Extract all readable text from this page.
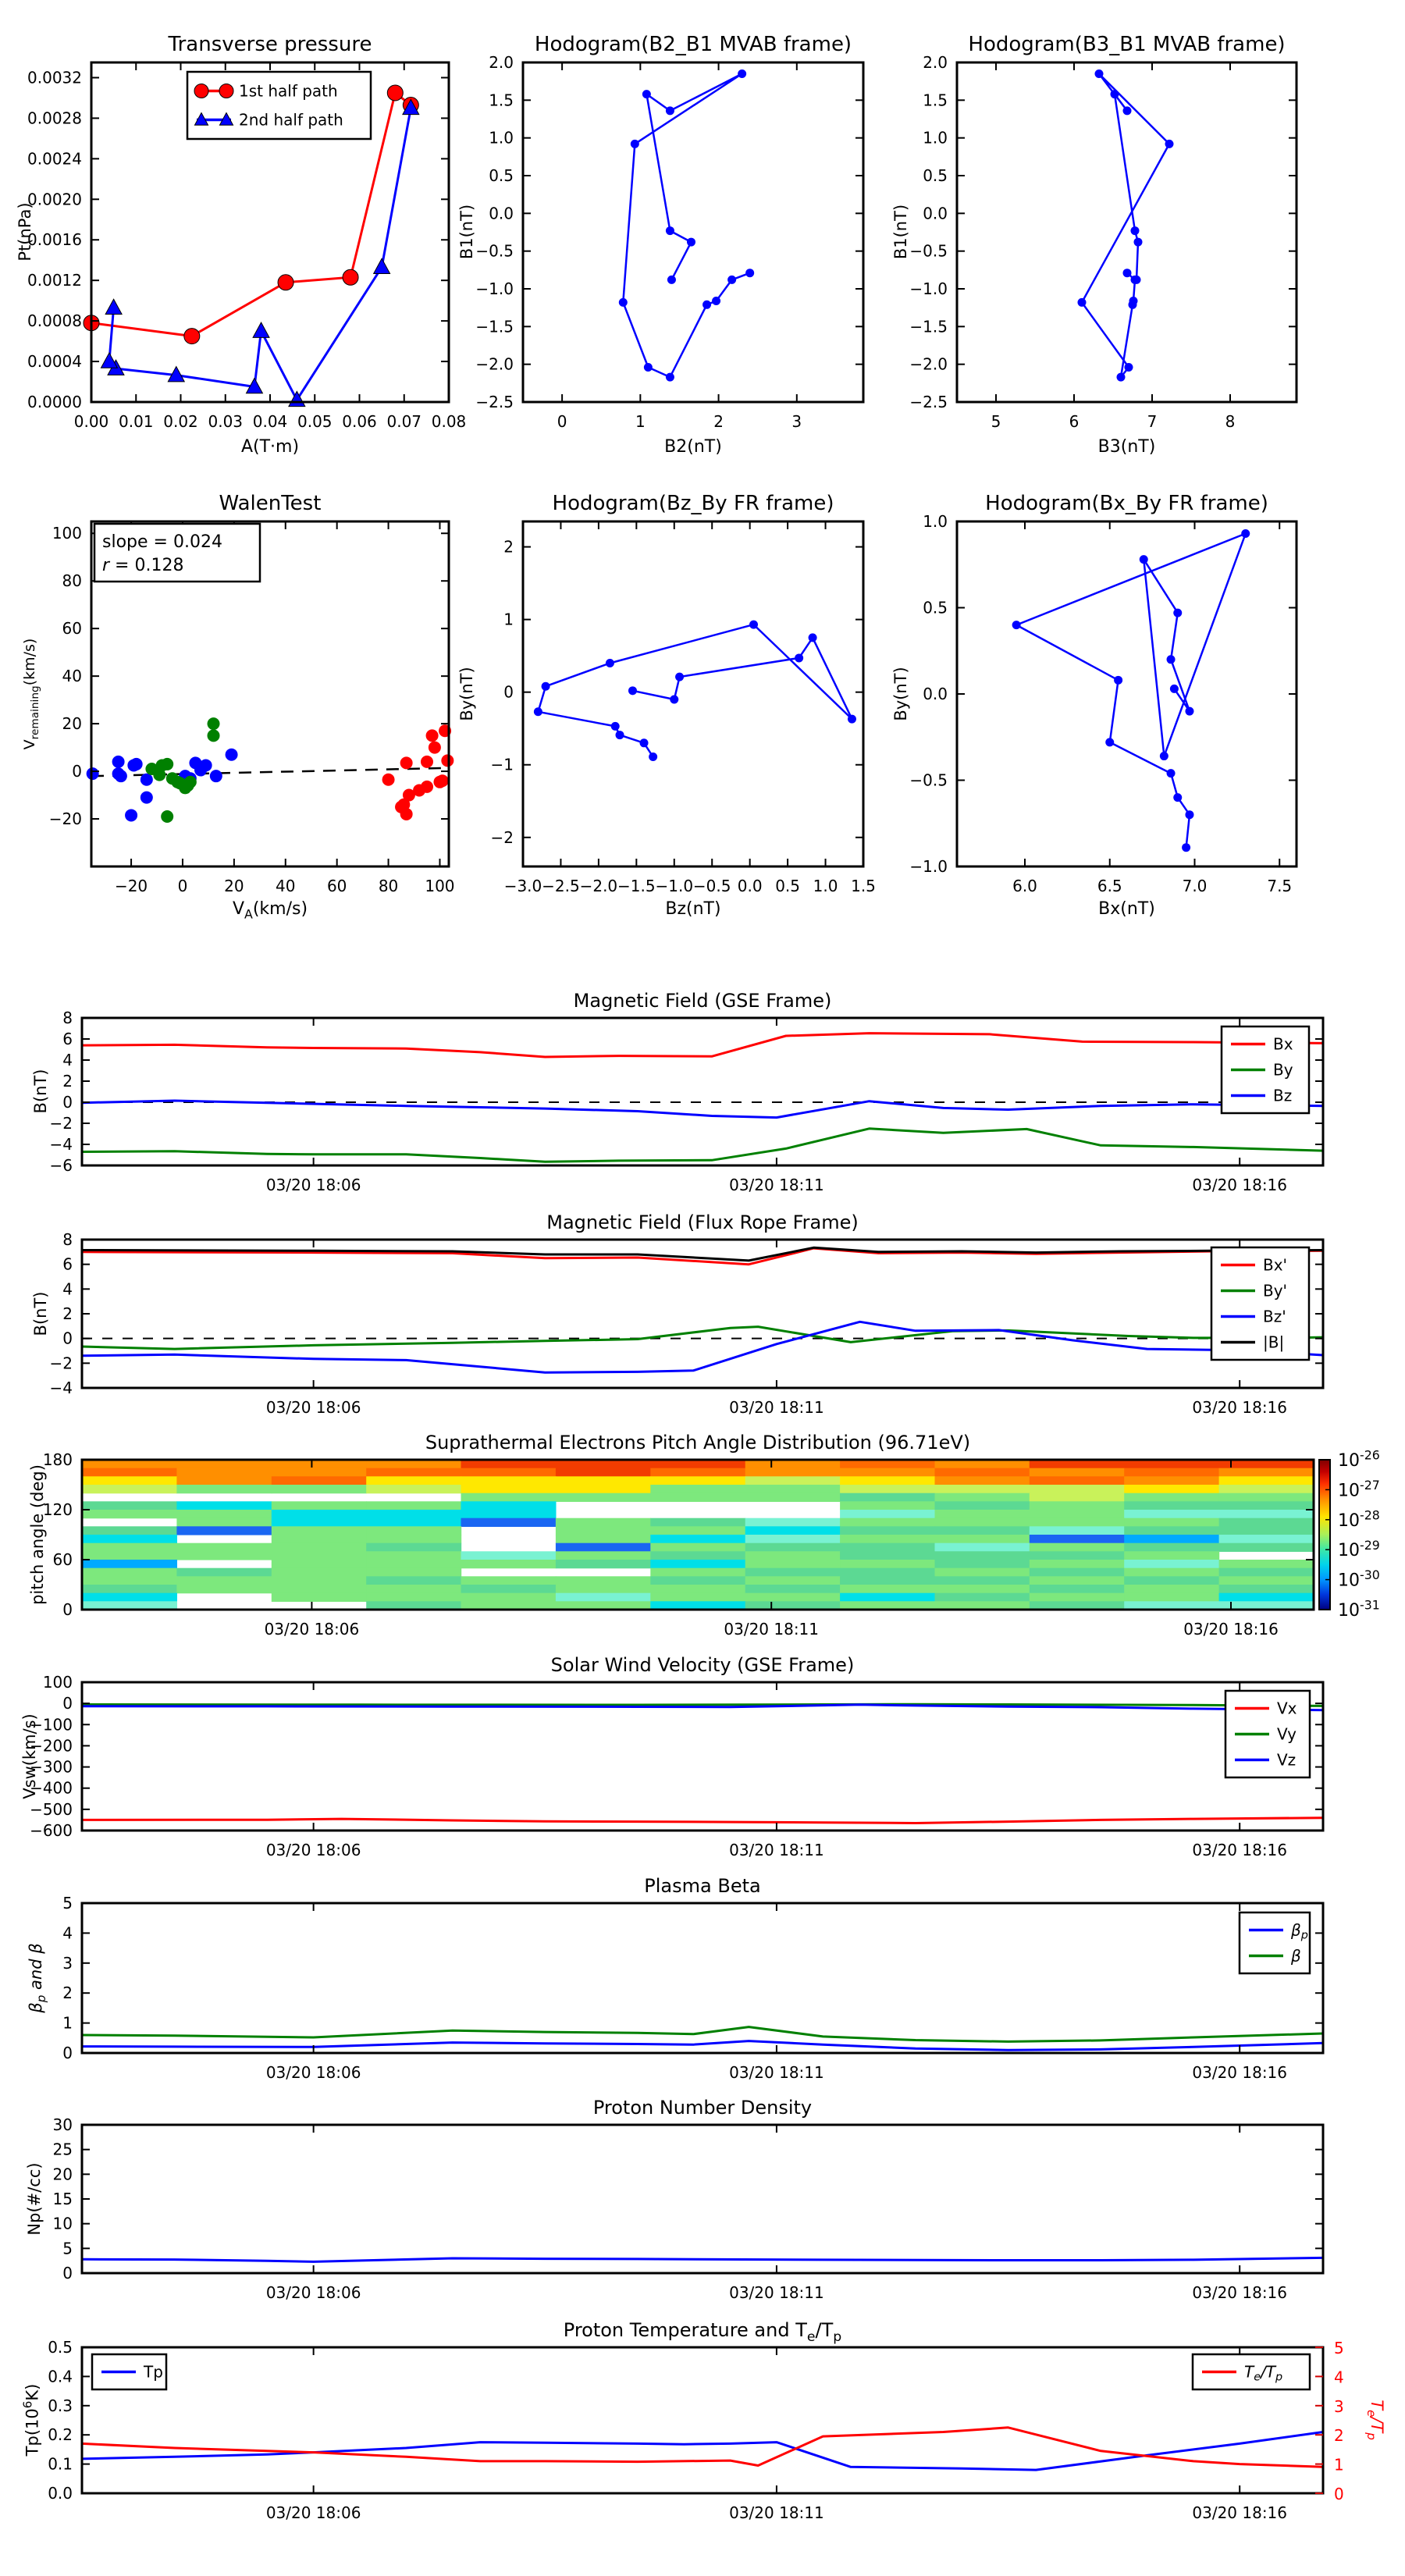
0.00 0.01 0.02 0.03 0.04 0.05 0.06 0.07 0.08
0.0000
0.0004
0.0008
0.0012
0.0016
0.0020
0.0024
0.0028
0.0032
1st half path
2nd half path
0	1	2	3
−2.5
−2.0
−1.5
−1.0
−0.5
0.0
0.5
1.0
1.5
2.0
5	6	7	8
−2.5
−2.0
−1.5
−1.0
−0.5
0.0
0.5
1.0
1.5
2.0
−20 0 20 40 60 80 100
−20
0
20
40
60
80
100 slope = 0.024
r = 0.128
−3.0 −2.5 −2.0 −1.5 −1.0 −0.5 0.0 0.5 1.0 1.5
−2
−1
0
1
2
6.0	6.5	7.0	7.5
−1.0
−0.5
0.0
0.5
1.0
03/20 18:06	03/20 18:11	03/20 18:16
−6
−4
−2
0
2
4
6
8
Bx
By
Bz
03/20 18:06	03/20 18:11	03/20 18:16
−4
−2
0
2
4
6
8
Bx'
By'
Bz'
|B|
03/20 18:06	03/20 18:11	03/20 18:16
0
60
120
180	$10^{-26}$
$10^{-27}$
$10^{-28}$
$10^{-29}$
$10^{-30}$
$10^{-31}$
03/20 18:06	03/20 18:11	03/20 18:16
−600
−500
−400
−300
−200
−100
0
100
Vx
Vy
Vz
03/20 18:06	03/20 18:11	03/20 18:16
0
1
2
3
4
5
$\beta_p$
β
03/20 18:06	03/20 18:11	03/20 18:16
0
5
10
15
20
25
30
03/20 18:06	03/20 18:11	03/20 18:16
0.0
0.1
0.2
0.3
0.4
0.5
0
1
2
3
4
5
Tp	$T_e/T_p$
Transverse pressure	Hodogram(B2_B1 MVAB frame)	Hodogram(B3_B1 MVAB frame)
WalenTest	Hodogram(Bz_By FR frame)	Hodogram(Bx_By FR frame)
Magnetic Field (GSE Frame)
Magnetic Field (Flux Rope Frame)
Suprathermal Electrons Pitch Angle Distribution (96.71eV)
Solar Wind Velocity (GSE Frame)
Plasma Beta
Proton Number Density
Proton Temperature and $T_e/T_p$
A(T·m)	B2(nT)	B3(nT)
$V_A(km/s)$	Bz(nT)	Bx(nT)
Pt(nPa)	B1(nT)	B1(nT)
$V_{remaining}(km/s)$
By(nT)	By(nT)
B(nT)
B(nT)
pitch angle (deg)
Vsw(km/s)
$\beta_p$ and β
Np(#/cc)
$Tp(10^6K)$
$T_e/T_p$
